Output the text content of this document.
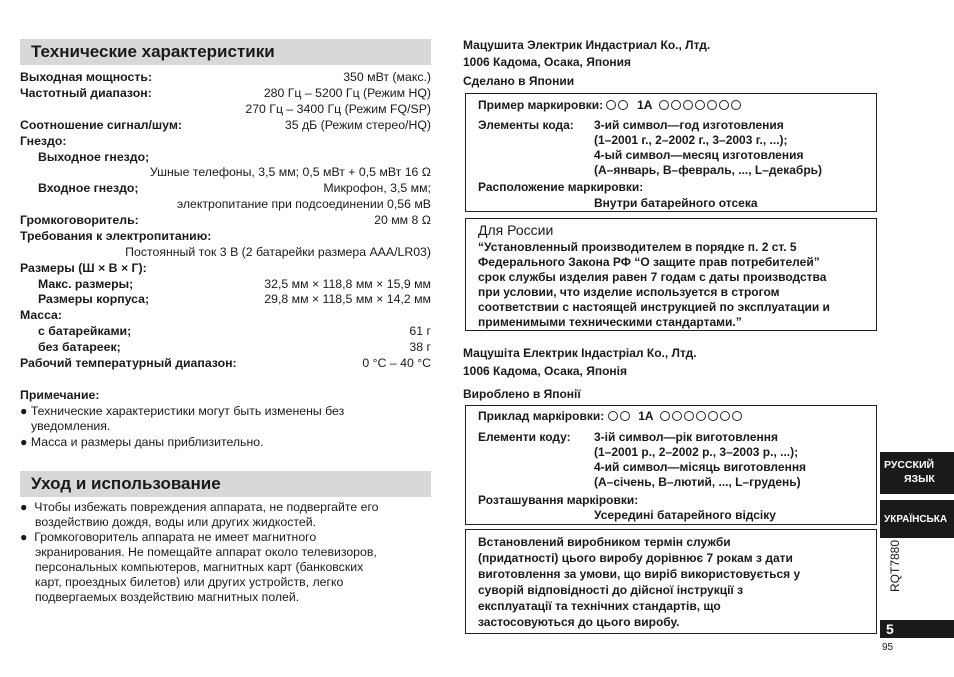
Технические характеристики
Выходная мощность:	350 мВт (макс.)
Частотный диапазон:	280 Гц – 5200 Гц (Режим HQ)
270 Гц – 3400 Гц (Режим FQ/SP)
Соотношение сигнал/шум:	35 дБ (Режим стерео/HQ)
Гнездо:
Выходное гнездо;
Ушные телефоны, 3,5 мм; 0,5 мВт + 0,5 мВт 16 Ω
Входное гнездо;	Микрофон, 3,5 мм;
электропитание при подсоединении 0,56 мВ
Громкоговоритель:	20 мм 8 Ω
Требования к электропитанию:
Постоянный ток 3 В (2 батарейки размера AAA/LR03)
Размеры (Ш × В × Г):
Макс. размеры;	32,5 мм × 118,8 мм × 15,9 мм
Размеры корпуса;	29,8 мм × 118,5 мм × 14,2 мм
Масса:
с батарейками;	61 г
без батареек;	38 г
Рабочий температурный диапазон:	0 °C – 40 °C
Примечание:
● Технические характеристики могут быть изменены без
уведомления.
● Масса и размеры даны приблизительно.
Уход и использование
●  Чтобы избежать повреждения аппарата, не подвергайте его
воздействию дождя, воды или других жидкостей.
●  Громкоговоритель аппарата не имеет магнитного
экранирования. Не помещайте аппарат около телевизоров,
персональных компьютеров, магнитных карт (банковских
карт, проездных билетов) или других устройств, легко
подвергаемых воздействию магнитных полей.
Мацушита Электрик Индастриал Ко., Лтд.
1006 Кадома, Осака, Япония
Сделано в Японии
Пример маркировки:	1A
Элементы кода: 3-ий символ—год изготовления
(1–2001 г., 2–2002 г., 3–2003 г., ...);
4-ый символ—месяц изготовления
(А–январь, B–февраль, ..., L–декабрь)
Расположение маркировки:
Внутри батарейного отсека
Для России
“Установленный производителем в порядке п. 2 ст. 5
Федерального Закона РФ “О защите прав потребителей”
срок службы изделия равен 7 годам с даты производства
при условии, что изделие используется в строгом
соответствии с настоящей инструкцией по эксплуатации и
применимыми техническими стандартами.”
Мацушіта Електрик Індастріал Ко., Лтд.
1006 Кадома, Осака, Японія
Вироблено в Японії
Приклад маркіровки:	1A
Елементи коду: 3-ій символ—рік виготовлення
(1–2001 р., 2–2002 р., 3–2003 р., ...);
4-ий символ—місяць виготовлення
(A–січень, B–лютий, ..., L–грудень)
Розташування маркіровки:
Усередині батарейного відсіку
Встановлений виробником термін служби
(придатності) цього виробу дорівнює 7 рокам з дати
виготовлення за умови, що виріб використовується у
суворій відповідності до дійсної інструкції з
експлуатації та технічних стандартів, що
застосовуються до цього виробу.
РУССКИЙ
ЯЗЫК
УКРАЇНСЬКА
RQT7880
5
95
